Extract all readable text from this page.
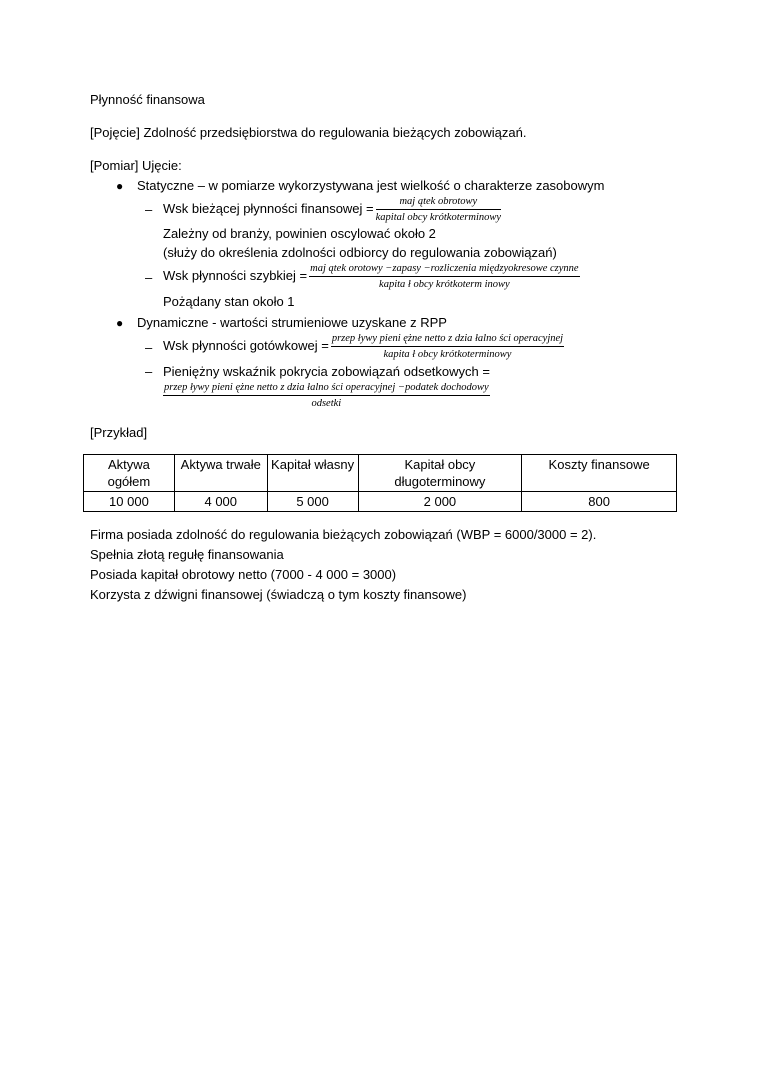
Płynność finansowa
[Pojęcie] Zdolność przedsiębiorstwa do regulowania bieżących zobowiązań.
[Pomiar] Ujęcie:
● Statyczne – w pomiarze wykorzystywana jest wielkość o charakterze zasobowym
– Wsk bieżącej płynności finansowej = $\frac{\text{maj ątek obrotowy}}{\text{kapital obcy krótkoterminowy}}$
Zależny od branży, powinien oscylować około 2
(służy do określenia zdolności odbiorcy do regulowania zobowiązań)
– Wsk płynności szybkiej = $\frac{\text{maj ątek orotowy −zapasy −rozliczenia międzyokresowe czynne}}{\text{kapita ł obcy krótkoterm inowy}}$
Pożądany stan około 1
● Dynamiczne - wartości strumieniowe uzyskane z RPP
– Wsk płynności gotówkowej = $\frac{\text{przep ływy pieni ężne netto z dzia łalno ści operacyjnej}}{\text{kapita ł obcy krótkoterminowy}}$
– Pieniężny wskaźnik pokrycia zobowiązań odsetkowych =
przep ływy pieni ężne netto z dzia łalno ści operacyjnej −podatek dochodowy
odsetki
[Przykład]
Aktywa ogółem	Aktywa trwałe	Kapitał własny	Kapitał obcy długoterminowy	Koszty finansowe
10 000	4 000	5 000	2 000	800
Firma posiada zdolność do regulowania bieżących zobowiązań (WBP = 6000/3000 = 2).
Spełnia złotą regułę finansowania
Posiada kapitał obrotowy netto (7000 - 4 000 = 3000)
Korzysta z dźwigni finansowej (świadczą o tym koszty finansowe)
